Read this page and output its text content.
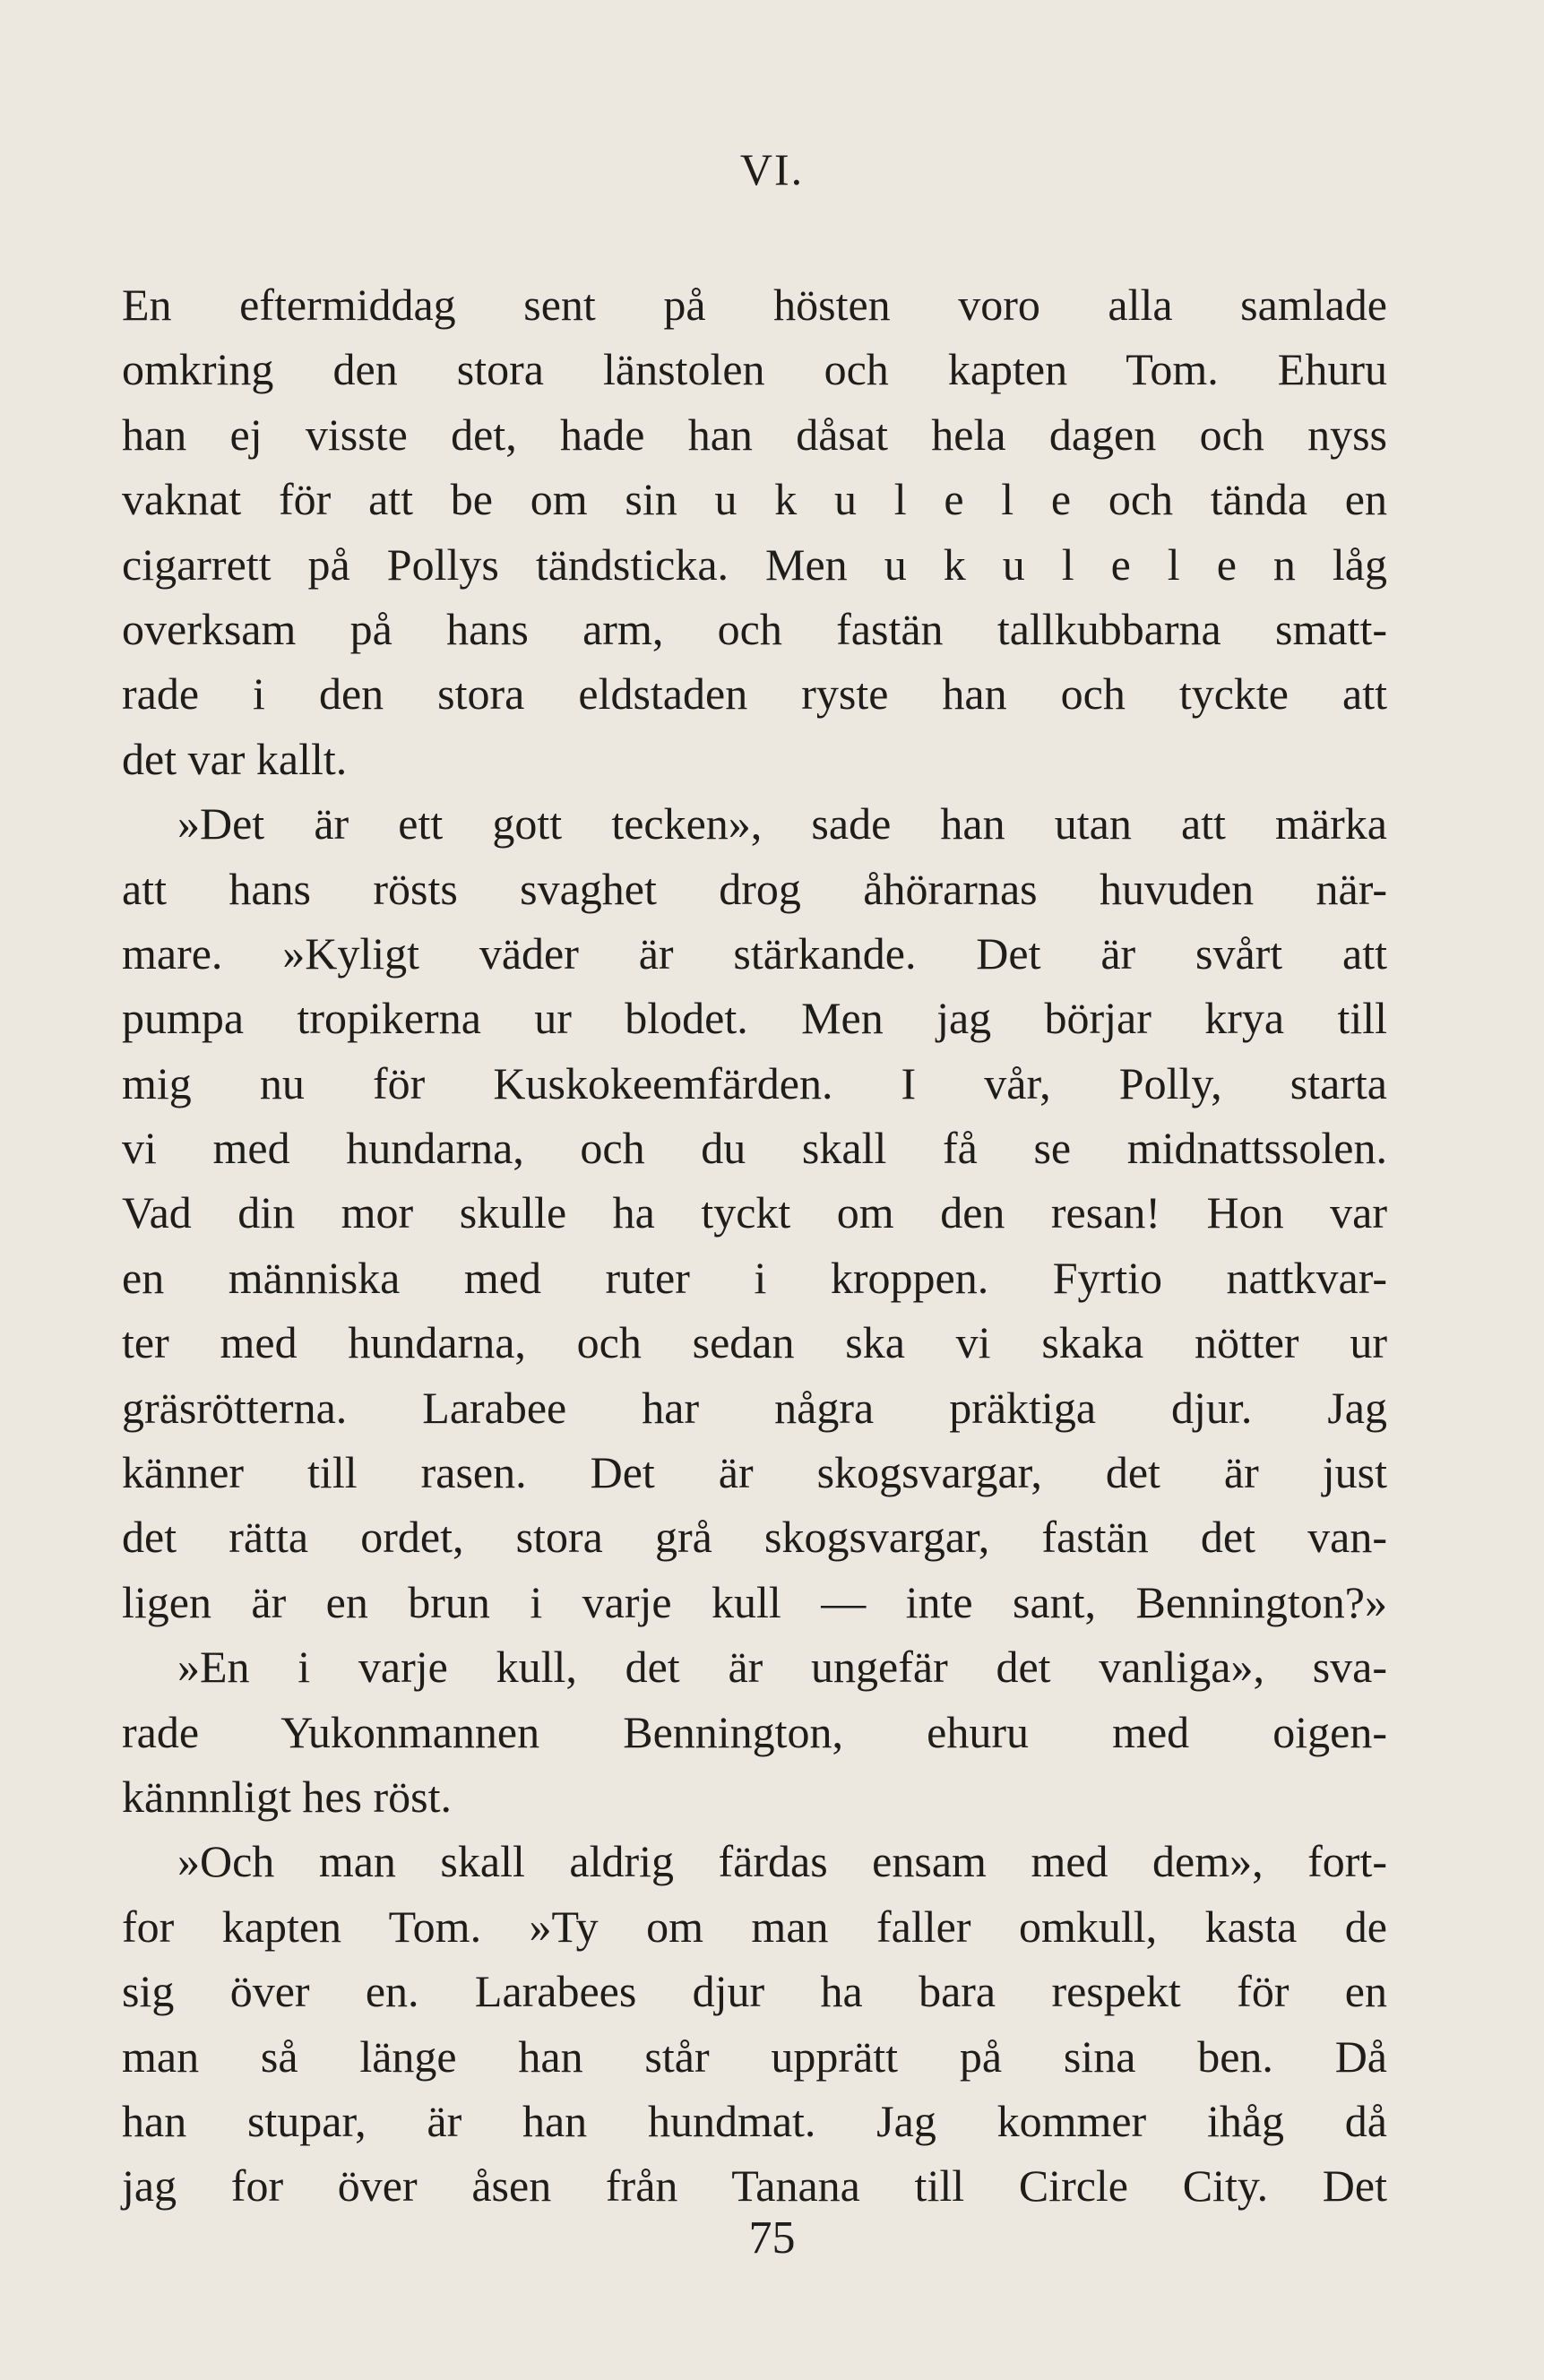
VI.
En eftermiddag sent på hösten voro alla samlade
omkring den stora länstolen och kapten Tom. Ehuru
han ej visste det, hade han dåsat hela dagen och nyss
vaknat för att be om sin u k u l e l e och tända en
cigarrett på Pollys tändsticka. Men u k u l e l e n låg
overksam på hans arm, och fastän tallkubbarna smatt-
rade i den stora eldstaden ryste han och tyckte att
det var kallt.
»Det är ett gott tecken», sade han utan att märka
att hans rösts svaghet drog åhörarnas huvuden när-
mare. »Kyligt väder är stärkande. Det är svårt att
pumpa tropikerna ur blodet. Men jag börjar krya till
mig nu för Kuskokeemfärden. I vår, Polly, starta
vi med hundarna, och du skall få se midnattssolen.
Vad din mor skulle ha tyckt om den resan! Hon var
en människa med ruter i kroppen. Fyrtio nattkvar-
ter med hundarna, och sedan ska vi skaka nötter ur
gräsrötterna. Larabee har några präktiga djur. Jag
känner till rasen. Det är skogsvargar, det är just
det rätta ordet, stora grå skogsvargar, fastän det van-
ligen är en brun i varje kull — inte sant, Bennington?»
»En i varje kull, det är ungefär det vanliga», sva-
rade Yukonmannen Bennington, ehuru med oigen-
kännnligt hes röst.
»Och man skall aldrig färdas ensam med dem», fort-
for kapten Tom. »Ty om man faller omkull, kasta de
sig över en. Larabees djur ha bara respekt för en
man så länge han står upprätt på sina ben. Då
han stupar, är han hundmat. Jag kommer ihåg då
jag for över åsen från Tanana till Circle City. Det
75
